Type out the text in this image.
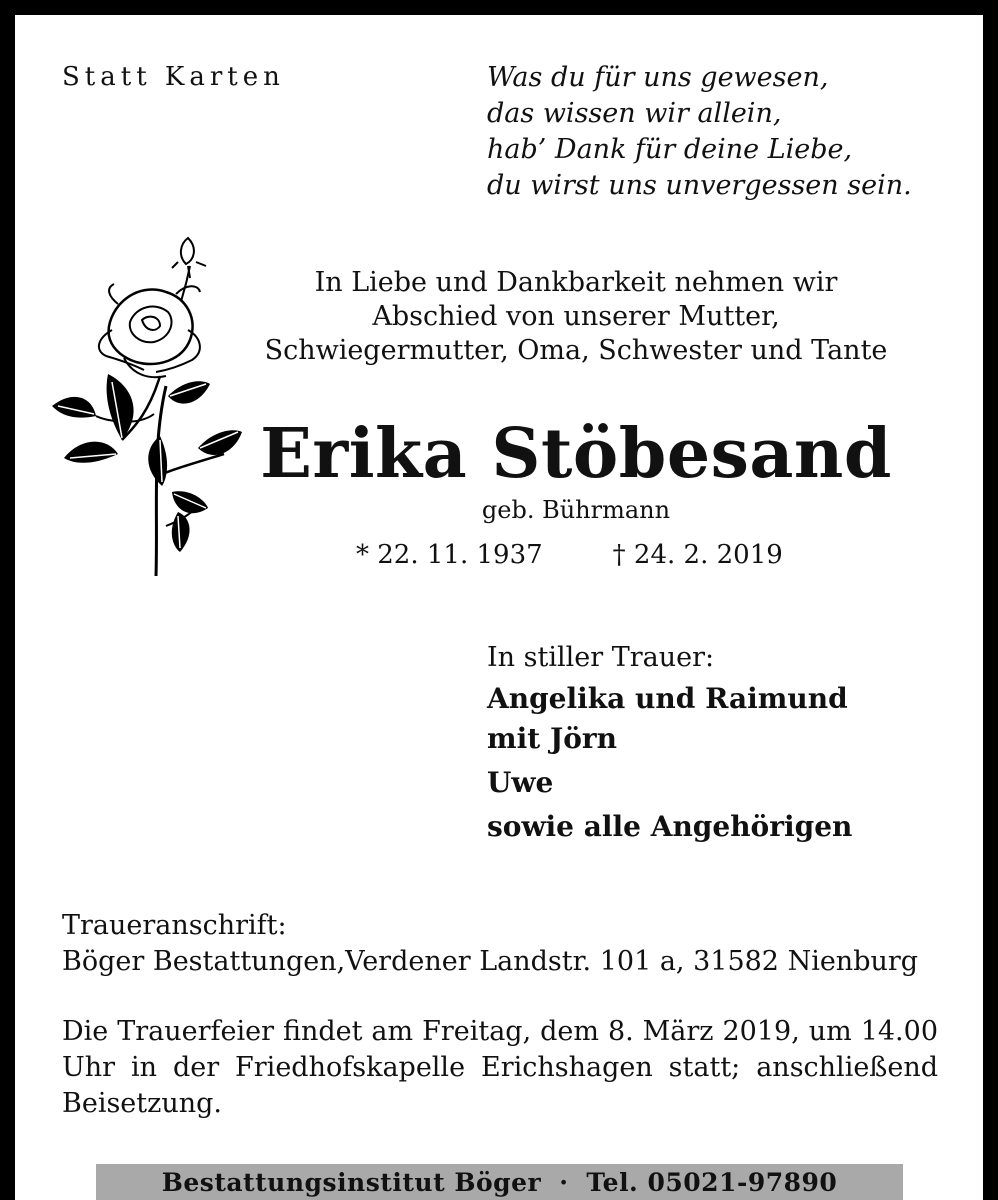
Statt Karten	Was du für uns gewesen,
das wissen wir allein,
hab’ Dank für deine Liebe,
du wirst uns unvergessen sein.
In Liebe und Dankbarkeit nehmen wir
Abschied von unserer Mutter,
Schwiegermutter, Oma, Schwester und Tante
Erika Stöbesand
geb. Bührmann
* 22. 11. 1937	† 24. 2. 2019
In stiller Trauer:
Angelika und Raimund
mit Jörn
Uwe
sowie alle Angehörigen
Traueranschrift:
Böger Bestattungen,Verdener Landstr. 101 a, 31582 Nienburg
Die Trauerfeier findet am Freitag, dem 8. März 2019, um 14.00 Uhr in der Friedhofskapelle Erichshagen statt; anschließend Beisetzung.
Bestattungsinstitut Böger · Tel. 05021-97890
